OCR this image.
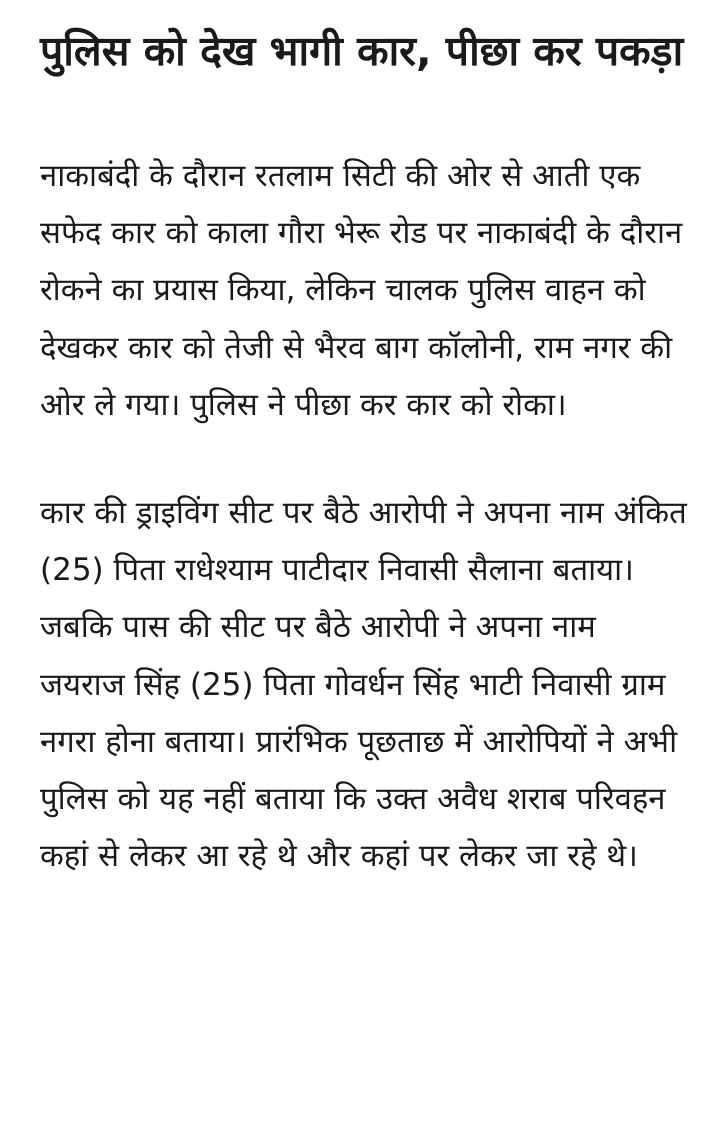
पुलिस को देख भागी कार, पीछा कर पकड़ा

नाकाबंदी के दौरान रतलाम सिटी की ओर से आती एक सफेद कार को काला गौरा भेरू रोड पर नाकाबंदी के दौरान रोकने का प्रयास किया, लेकिन चालक पुलिस वाहन को देखकर कार को तेजी से भैरव बाग कॉलोनी, राम नगर की ओर ले गया। पुलिस ने पीछा कर कार को रोका।

कार की ड्राइविंग सीट पर बैठे आरोपी ने अपना नाम अंकित (25) पिता राधेश्याम पाटीदार निवासी सैलाना बताया। जबकि पास की सीट पर बैठे आरोपी ने अपना नाम जयराज सिंह (25) पिता गोवर्धन सिंह भाटी निवासी ग्राम नगरा होना बताया। प्रारंभिक पूछताछ में आरोपियों ने अभी पुलिस को यह नहीं बताया कि उक्त अवैध शराब परिवहन कहां से लेकर आ रहे थे और कहां पर लेकर जा रहे थे।
